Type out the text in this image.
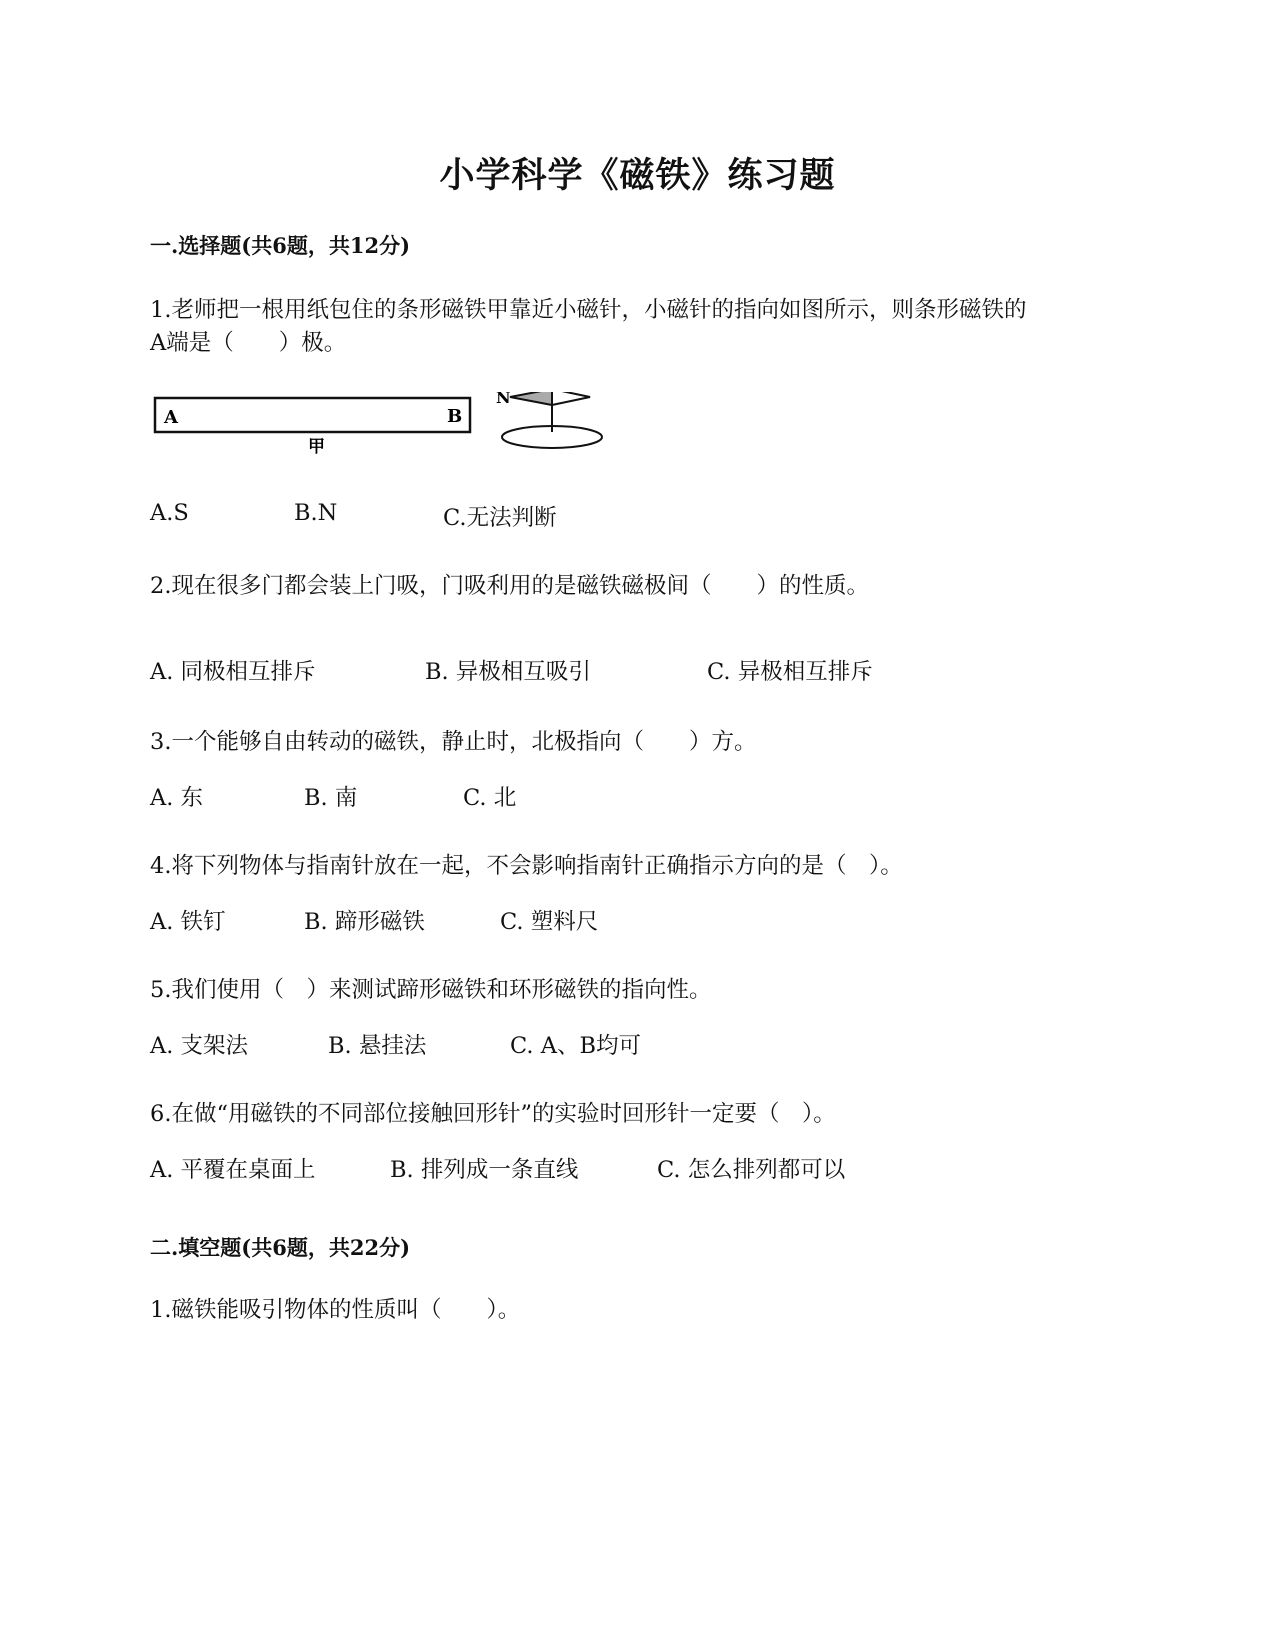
小学科学《磁铁》练习题
一.选择题(共6题，共12分)
1.老师把一根用纸包住的条形磁铁甲靠近小磁针，小磁针的指向如图所示，则条形磁铁的
A端是（　　）极。
A	B
甲
N
A.S	B.N	C.无法判断
2.现在很多门都会装上门吸，门吸利用的是磁铁磁极间（　　）的性质。
A. 同极相互排斥	B. 异极相互吸引	C. 异极相互排斥
3.一个能够自由转动的磁铁，静止时，北极指向（　　）方。
A. 东	B. 南	C. 北
4.将下列物体与指南针放在一起，不会影响指南针正确指示方向的是（　）。
A. 铁钉	B. 蹄形磁铁	C. 塑料尺
5.我们使用（　）来测试蹄形磁铁和环形磁铁的指向性。
A. 支架法	B. 悬挂法	C. A、B均可
6.在做“用磁铁的不同部位接触回形针”的实验时回形针一定要（　）。
A. 平覆在桌面上	B. 排列成一条直线	C. 怎么排列都可以
二.填空题(共6题，共22分)
1.磁铁能吸引物体的性质叫（　　）。
